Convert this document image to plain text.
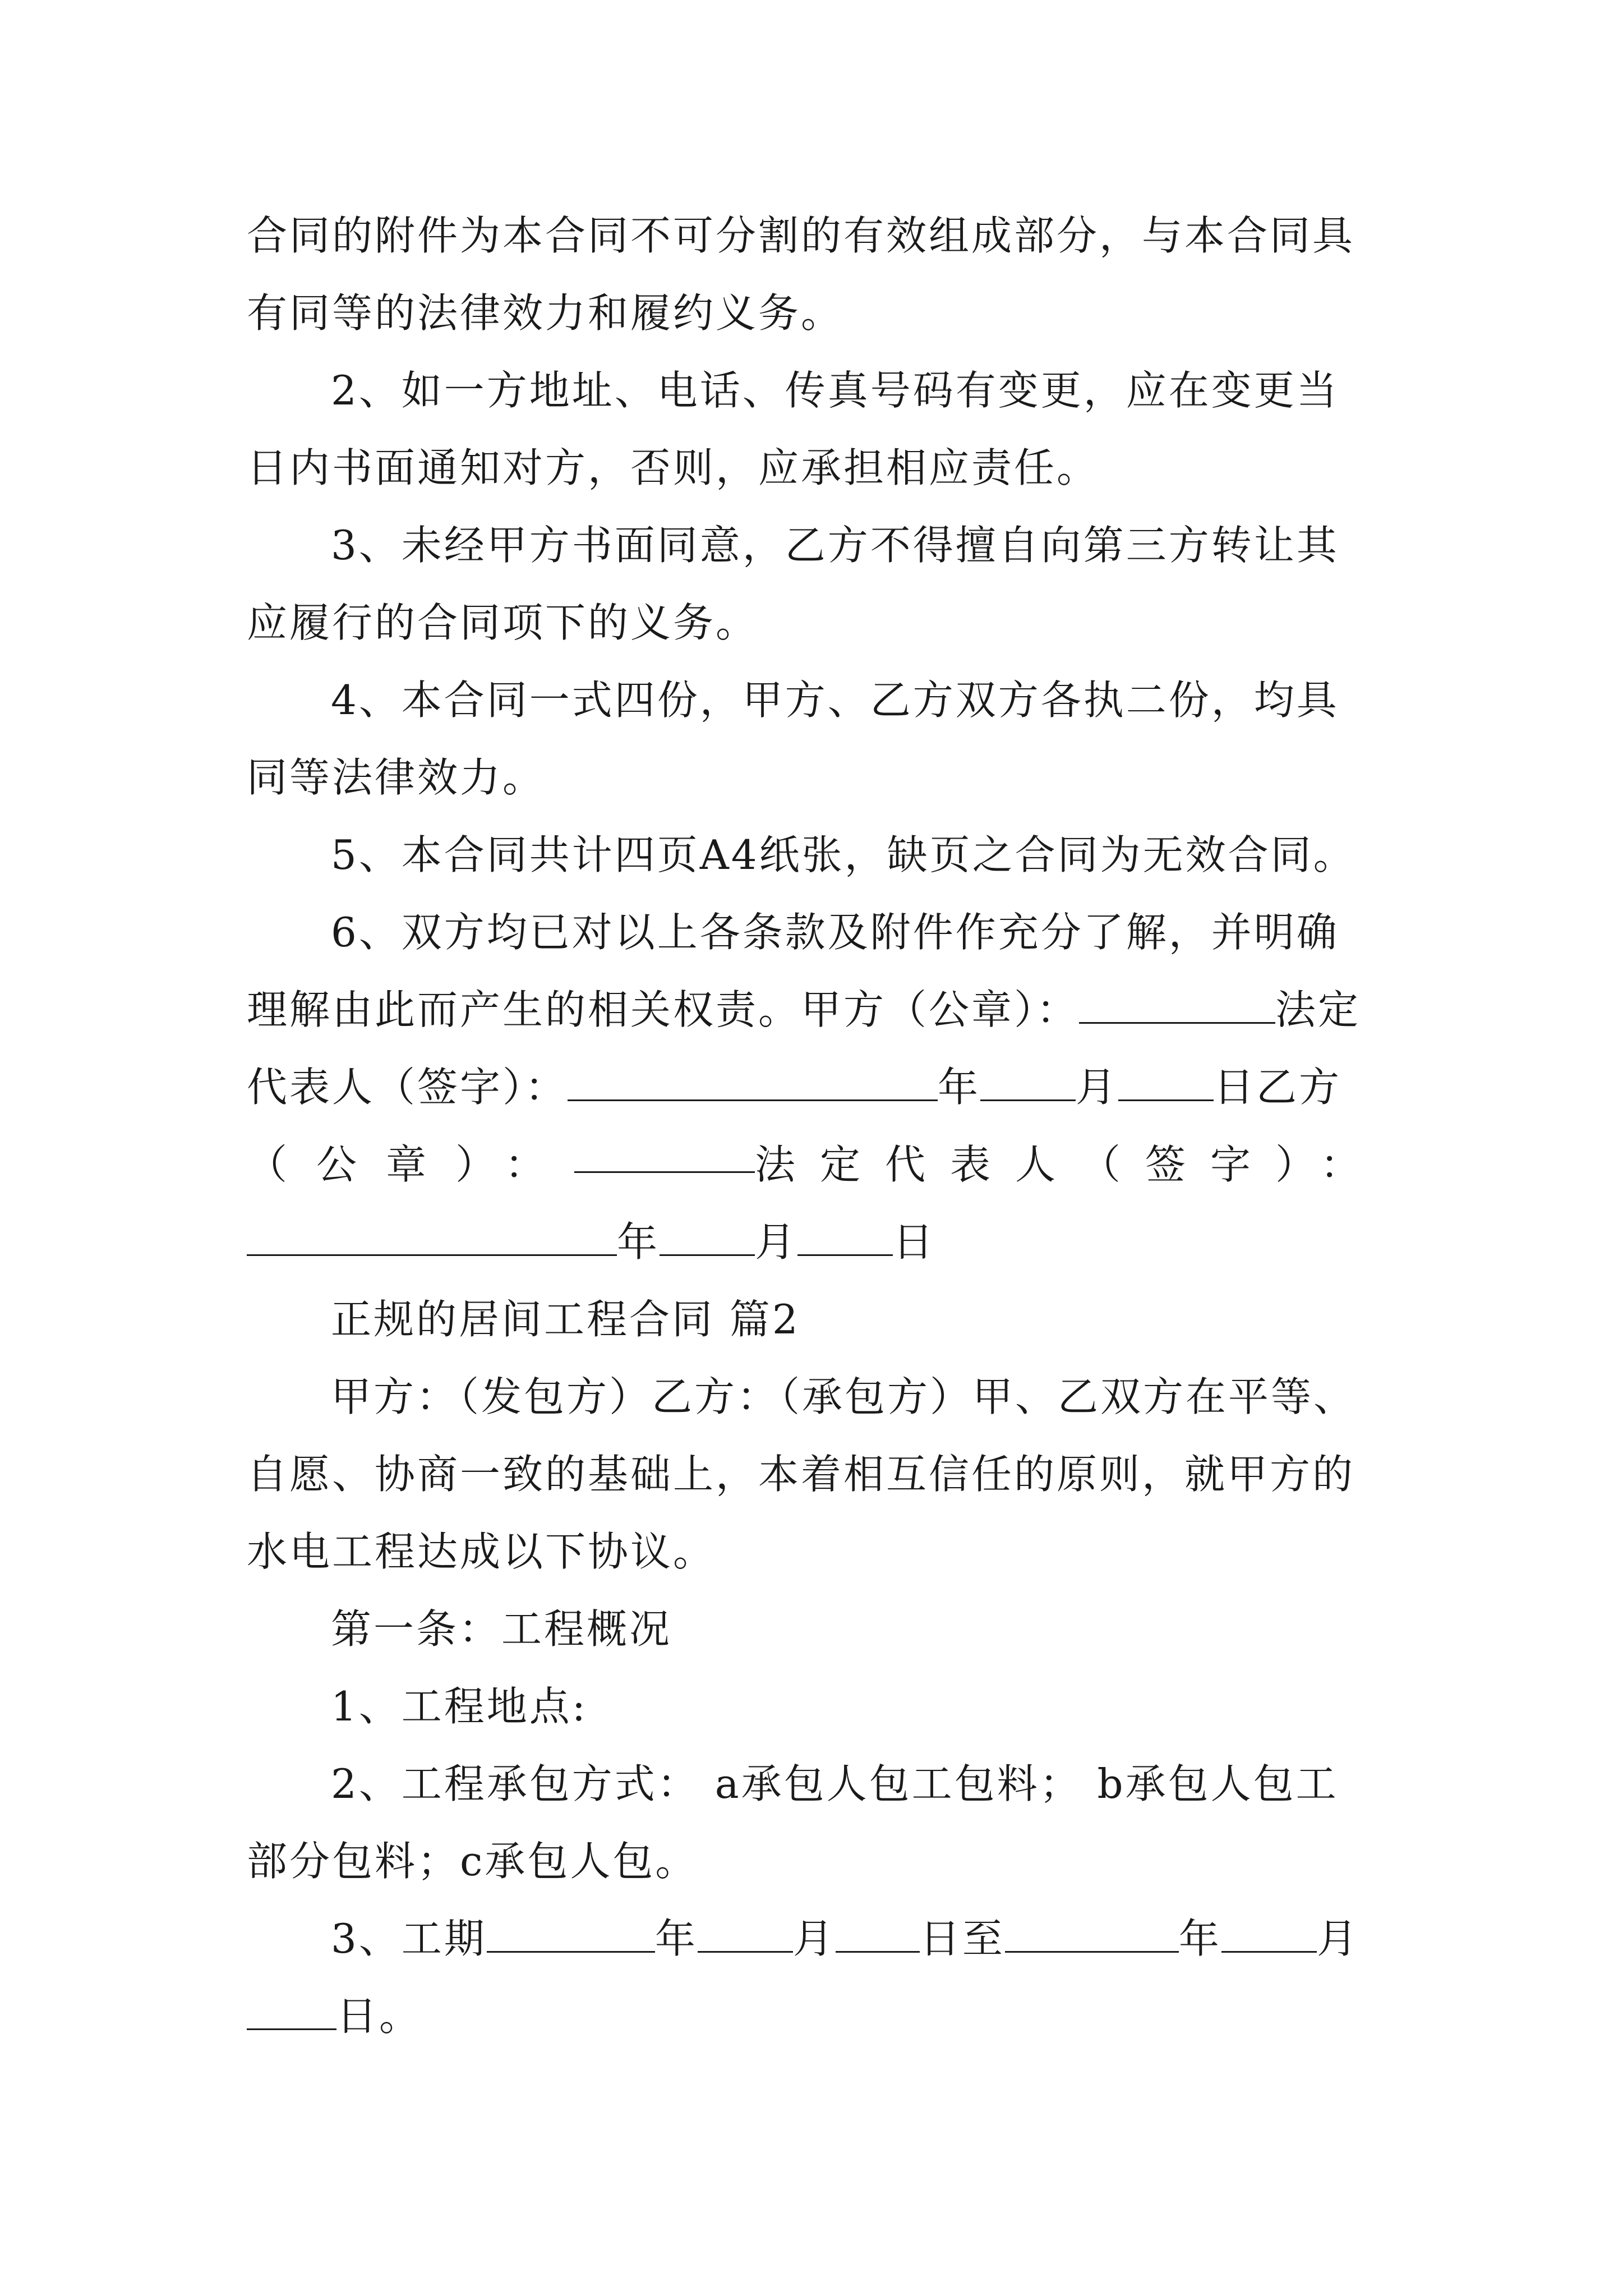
合同的附件为本合同不可分割的有效组成部分，与本合同具
有同等的法律效力和履约义务。
2、如一方地址、电话、传真号码有变更，应在变更当
日内书面通知对方，否则，应承担相应责任。
3、未经甲方书面同意，乙方不得擅自向第三方转让其
应履行的合同项下的义务。
4、本合同一式四份，甲方、乙方双方各执二份，均具
同等法律效力。
5、本合同共计四页A4纸张，缺页之合同为无效合同。
6、双方均已对以上各条款及附件作充分了解，并明确
理解由此而产生的相关权责。甲方（公章）：	法定
代表人（签字）：	年 月 日乙方
（公章）：	法定代表人（签字）：
年 月 日
正规的居间工程合同 篇2
甲方：（发包方）乙方：（承包方）甲、乙双方在平等、
自愿、协商一致的基础上，本着相互信任的原则，就甲方的
水电工程达成以下协议。
第一条：工程概况
1、工程地点:
2、工程承包方式： a承包人包工包料； b承包人包工
部分包料；c承包人包。
3、工期	年 月 日至	年 月
日。
